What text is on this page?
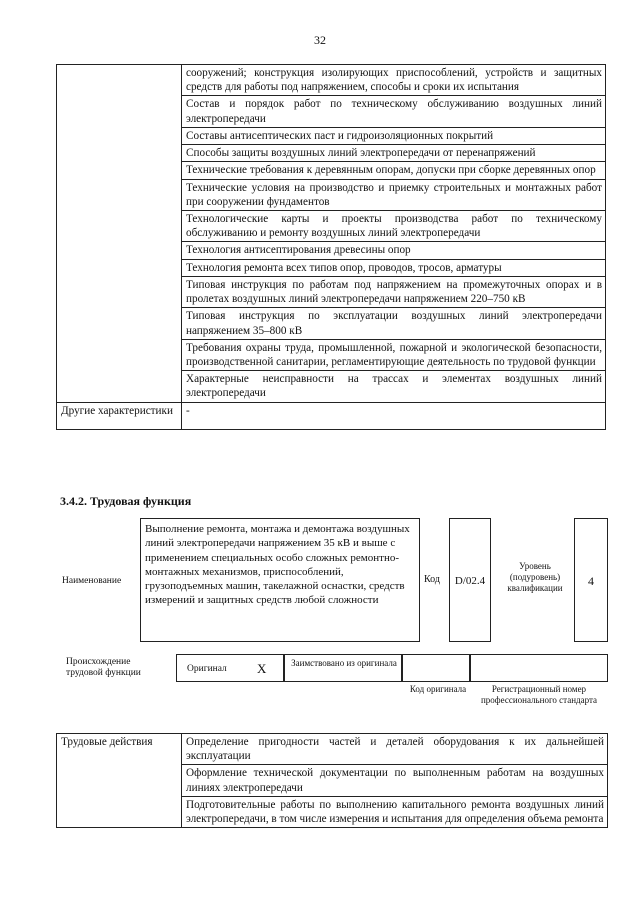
32
	сооружений; конструкция изолирующих приспособлений, устройств и защитных средств для работы под напряжением, способы и сроки их испытания
	Состав и порядок работ по техническому обслуживанию воздушных линий электропередачи
	Составы антисептических паст и гидроизоляционных покрытий
	Способы защиты воздушных линий электропередачи от перенапряжений
	Технические требования к деревянным опорам, допуски при сборке деревянных опор
	Технические условия на производство и приемку строительных и монтажных работ при сооружении фундаментов
	Технологические карты и проекты производства работ по техническому обслуживанию и ремонту воздушных линий электропередачи
	Технология антисептирования древесины опор
	Технология ремонта всех типов опор, проводов, тросов, арматуры
	Типовая инструкция по работам под напряжением на промежуточных опорах и в пролетах воздушных линий электропередачи напряжением 220–750 кВ
	Типовая инструкция по эксплуатации воздушных линий электропередачи напряжением 35–800 кВ
	Требования охраны труда, промышленной, пожарной и экологической безопасности, производственной санитарии, регламентирующие деятельность по трудовой функции
	Характерные неисправности на трассах и элементах воздушных линий электропередачи
Другие характеристики	-
3.4.2. Трудовая функция
Наименование
Выполнение ремонта, монтажа и демонтажа воздушных линий электропередачи напряжением 35 кВ и выше с применением специальных особо сложных ремонтно-монтажных механизмов, приспособлений, грузоподъемных машин, такелажной оснастки, средств измерений и защитных средств любой сложности
Код	D/02.4
Уровень (подуровень) квалификации	4
Происхождение трудовой функции	Оригинал X	Заимствовано из оригинала
Код оригинала	Регистрационный номер профессионального стандарта
Трудовые действия	Определение пригодности частей и деталей оборудования к их дальнейшей эксплуатации
Оформление технической документации по выполненным работам на воздушных линиях электропередачи
Подготовительные работы по выполнению капитального ремонта воздушных линий электропередачи, в том числе измерения и испытания для определения объема ремонта
